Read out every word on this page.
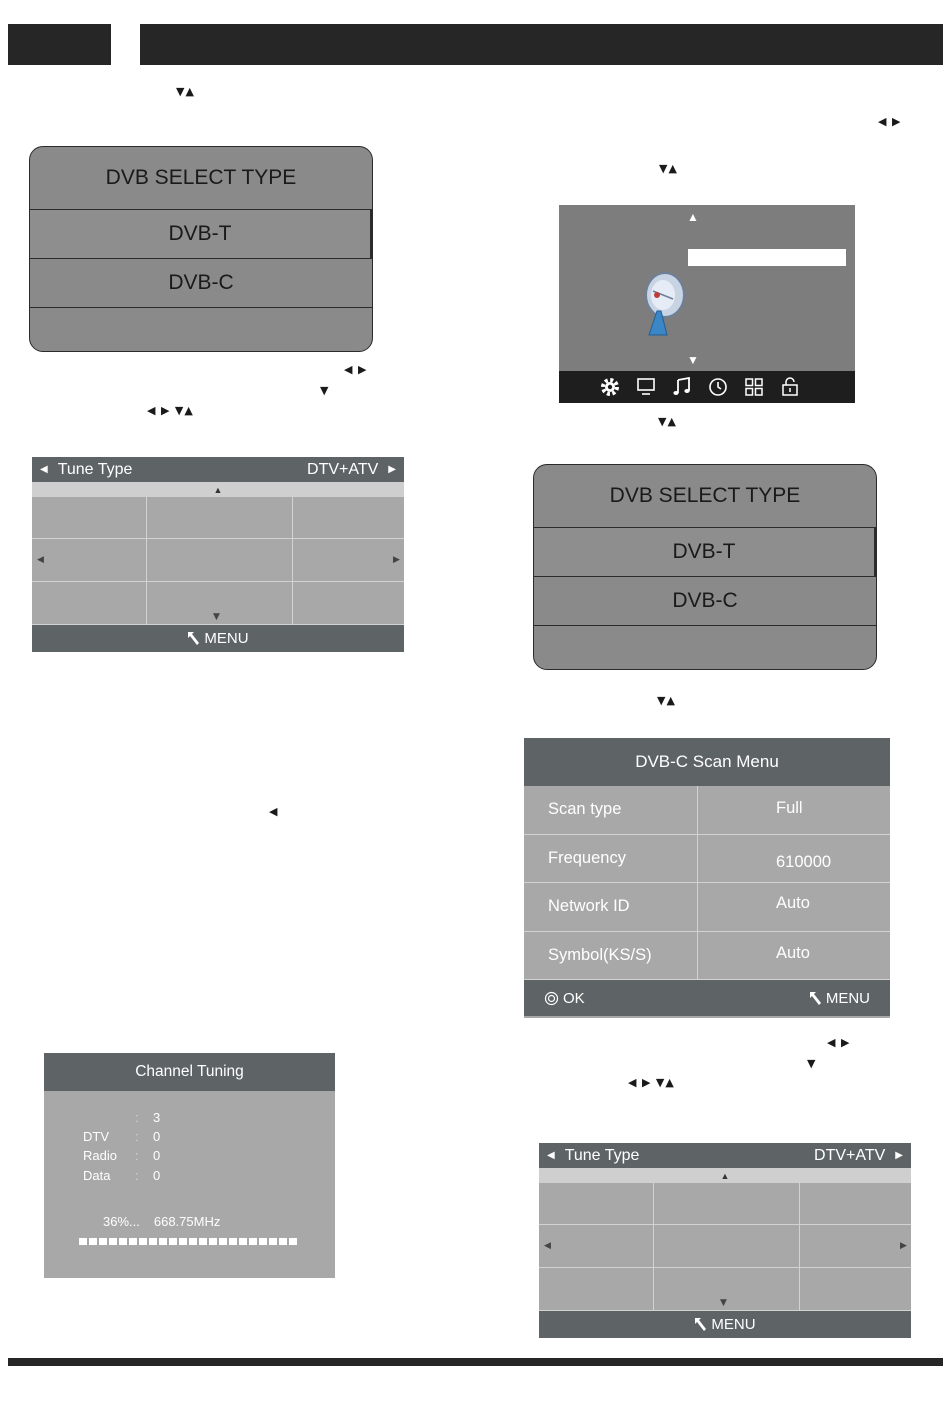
▼▲
◀ ▶
▼▲
◀ ▶
▼
◀ ▶ ▼▲
▼▲
▼▲
◀
◀ ▶
▼
◀ ▶ ▼▲
DVB SELECT TYPE
DVB-T
DVB-C
◀ Tune Type	DTV+ATV ▶
▲
◀	▶
▼
MENU
▲
▼
DVB SELECT TYPE
DVB-T
DVB-C
DVB-C Scan Menu
Scan type	Full
Frequency	610000
Network ID	Auto
Symbol(KS/S)	Auto
OK	MENU
Channel Tuning
:	3
DTV	:	0
Radio	:	0
Data	:	0
36%... 668.75MHz
◀ Tune Type	DTV+ATV ▶
▲
◀	▶
▼
MENU
